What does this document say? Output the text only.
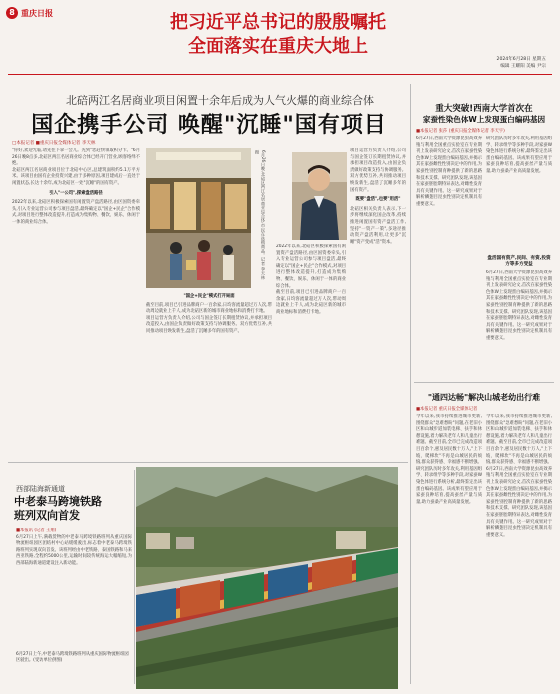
8 重庆日报	把习近平总书记的殷殷嘱托
全面落实在重庆大地上
2024年6月28日 星期五
编辑 王耀阳 美编 尹宗
北碚两江名居商业项目闲置十余年后成为人气火爆的商业综合体
国企携手公司 唤醒"沉睡"国有项目
□本报记者 ■重庆日报全媒体记者 李天林

"你好,欢迎光临,请先往下拿一会儿。先到"您赶快领取积分卡。"6月26日晚8点多,北碚区两江名居商业综合体已经开门营业,顾客络绎不绝。

北碚区两江名居商业项目位于北碚中心区,总建筑面积约5.1万平方米。该项目由国有企业投资兴建,由于多种原因,项目建成后一直处于闲置状态,长达十余年,成为北碚区一处"沉睡"的国有资产。

引入"一公司",探索盘活路径

2022年以来,北碚区积极探索国有闲置资产盘活路径,由区国资委牵头,引入专业运营公司参与项目盘活,最终确定以"国企+民企"合作模式,对项目进行整体改造提升,打造成为集购物、餐饮、娱乐、休闲于一体的商业综合体。	6月26日晚,北碚区两江名居商业综合体,市民在选购商品。记者 李天林 摄	项目运营方负责人介绍,公司与国企签订长期租赁协议,并承担项目改造投入,由国企负责做好政策支持与协调服务。双方优势互补,共同推动项目焕发新生,盘活了沉睡多年的国有资产。

既要"盘活",也要"用活"

北碚区相关负责人表示,下一步将继续深化国企改革,持续推进闲置国有资产盘活工作,坚持"一资产一策",多途径推动资产盘活利用,让更多"沉睡"资产变成"活"资本。

"国企+民企"模式打开局面

截至目前,项目已引进品牌商户一百余家,日均客流量超过万人次,带动周边就业上千人,成为北碚区新的城市商业地标和消费打卡地。

项目运营方负责人介绍,公司与国企签订长期租赁协议,并承担项目改造投入,由国企负责做好政策支持与协调服务。双方优势互补,共同推动项目焕发新生,盘活了沉睡多年的国有资产。

2022年以来,北碚区积极探索国有闲置资产盘活路径,由区国资委牵头,引入专业运营公司参与项目盘活,最终确定以"国企+民企"合作模式,对项目进行整体改造提升,打造成为集购物、餐饮、娱乐、休闲于一体的商业综合体。

截至目前,项目已引进品牌商户一百余家,日均客流量超过万人次,带动周边就业上千人,成为北碚区新的城市商业地标和消费打卡地。

重大突破!西南大学首次在
家蚕性染色体W上发现蛋白编码基因
■本报记者 张莎 (重庆日报全媒体记者 李天宇)

6月27日,西南大学资源昆虫高效养殖与利用全国重点实验室在专业期刊上发表研究论文,首次在家蚕性染色体W上发现蛋白编码基因,并揭示其在家蚕雌性性别决定中的作用,为家蚕性别控制育种提供了新的思路和技术支撑。研究团队发现,该基因在家蚕胚胎期特异表达,对雌性发育具有关键作用。这一研究成果对于解析鳞翅目昆虫性别决定机制具有重要意义。

研究团队历时多年攻关,利用基因组学、转录组学等多种手段,对家蚕W染色体进行系统分析,最终鉴定出该蛋白编码基因。该成果有望应用于家蚕良种培育,提高蚕丝产量与质量,助力蚕桑产业高质量发展。

盘活国有资产,民间、有资,投资方等多方受益

6月27日,西南大学资源昆虫高效养殖与利用全国重点实验室在专业期刊上发表研究论文,首次在家蚕性染色体W上发现蛋白编码基因,并揭示其在家蚕雌性性别决定中的作用,为家蚕性别控制育种提供了新的思路和技术支撑。研究团队发现,该基因在家蚕胚胎期特异表达,对雌性发育具有关键作用。这一研究成果对于解析鳞翅目昆虫性别决定机制具有重要意义。

"通四达畅"解决山城老幼出行难
■本报记者 重庆日报全媒体记者

今年以来,我市持续推进城市更新,围绕群众"急难愁盼"问题,在老旧小区和山城步道加装电梯、扶手和休憩设施,着力解决老年人和儿童出行难题。截至目前,全市已完成改造项目百余个,惠及居民数十万人,"上下坡、爬梯坎"不再是山城居民的烦恼,群众获得感、幸福感不断增强。

研究团队历时多年攻关,利用基因组学、转录组学等多种手段,对家蚕W染色体进行系统分析,最终鉴定出该蛋白编码基因。该成果有望应用于家蚕良种培育,提高蚕丝产量与质量,助力蚕桑产业高质量发展。

今年以来,我市持续推进城市更新,围绕群众"急难愁盼"问题,在老旧小区和山城步道加装电梯、扶手和休憩设施,着力解决老年人和儿童出行难题。截至目前,全市已完成改造项目百余个,惠及居民数十万人,"上下坡、爬梯坎"不再是山城居民的烦恼,群众获得感、幸福感不断增强。

6月27日,西南大学资源昆虫高效养殖与利用全国重点实验室在专业期刊上发表研究论文,首次在家蚕性染色体W上发现蛋白编码基因,并揭示其在家蚕雌性性别决定中的作用,为家蚕性别控制育种提供了新的思路和技术支撑。研究团队发现,该基因在家蚕胚胎期特异表达,对雌性发育具有关键作用。这一研究成果对于解析鳞翅目昆虫性别决定机制具有重要意义。

西部陆海新通道
中老泰马跨境铁路
班列双向首发

■本报讯 (记者 王翔)

6月27日上午,满载货物的中老泰马跨境铁路班列从重庆国际物流枢纽园区团结村中心站缓缓驶出,标志着中老泰马跨境铁路班列实现双向首发。该班列经由中老铁路、泰国铁路和马来西亚铁路,全程约5000公里,运输时间较传统海运大幅缩短,为西部陆海新通道建设注入新动能。

6月27日上午,中老泰马跨境铁路班列从重庆国际物流枢纽园区驶出。(受访单位供图)
